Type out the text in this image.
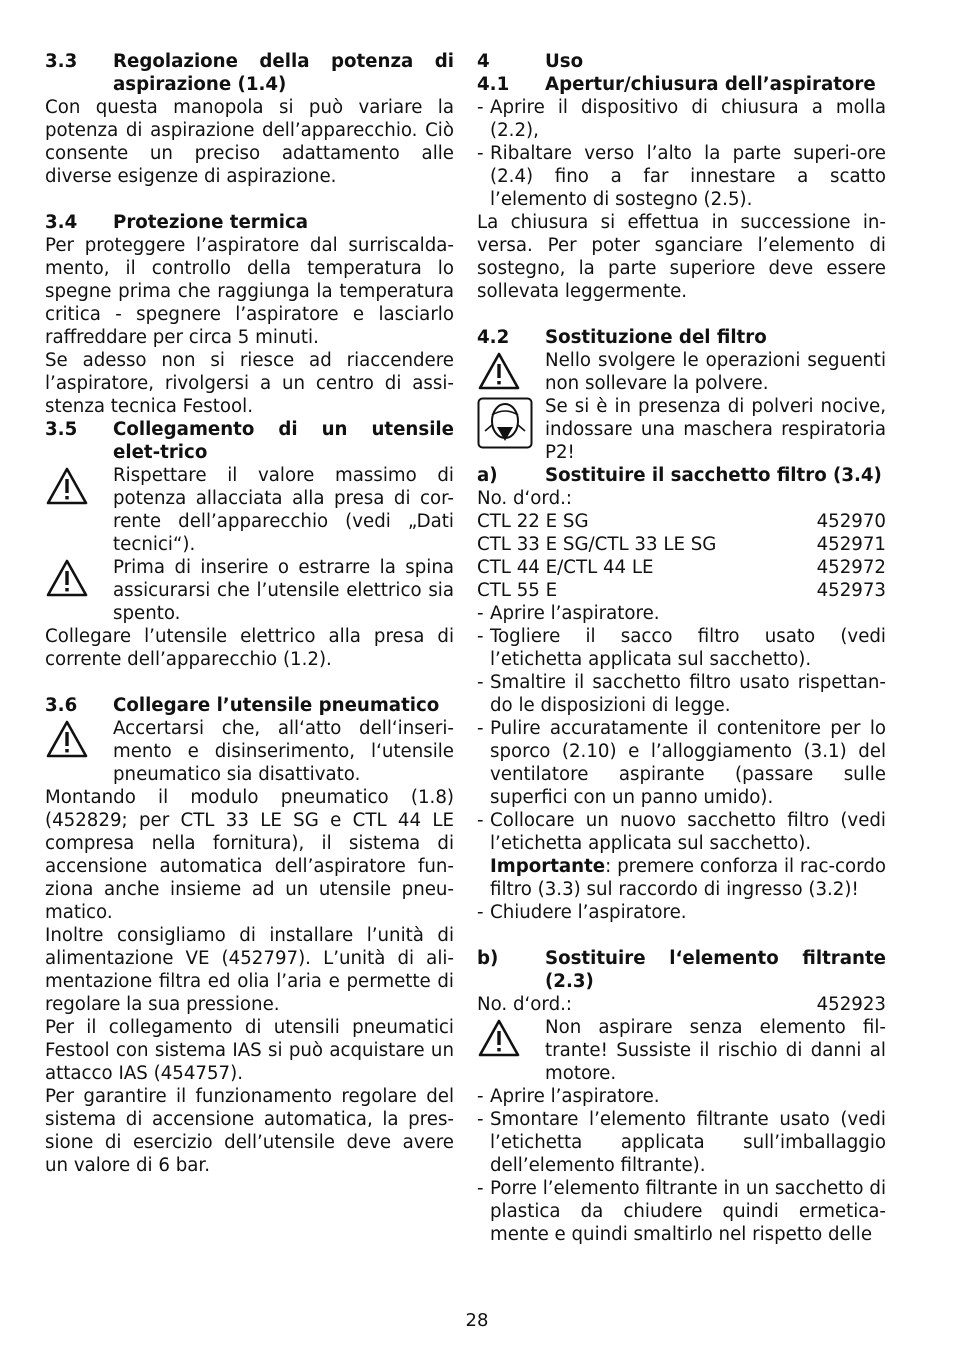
3.3	Regolazione della potenza di aspirazione (1.4)

Con questa manopola si può variare la potenza di aspirazione dell’apparecchio. Ciò consente un preciso adattamento alle diverse esigenze di aspirazione.

3.4	Protezione termica

Per proteggere l’aspiratore dal surriscalda-mento, il controllo della temperatura lo spegne prima che raggiunga la temperatura critica - spegnere l’aspiratore e lasciarlo raffreddare per circa 5 minuti.

Se adesso non si riesce ad riaccendere l’aspiratore, rivolgersi a un centro di assi-stenza tecnica Festool.

3.5	Collegamento di un utensile elet-trico

Rispettare il valore massimo di potenza allacciata alla presa di cor-rente dell’apparecchio (vedi „Dati tecnici“).

Prima di inserire o estrarre la spina assicurarsi che l’utensile elettrico sia spento.

Collegare l’utensile elettrico alla presa di corrente dell’apparecchio (1.2).

3.6	Collegare l’utensile pneumatico

Accertarsi che, all‘atto dell‘inseri-mento e disinserimento, l‘utensile pneumatico sia disattivato.

Montando il modulo pneumatico (1.8) (452829; per CTL 33 LE SG e CTL 44 LE compresa nella fornitura), il sistema di accensione automatica dell’aspiratore fun-ziona anche insieme ad un utensile pneu-matico.

Inoltre consigliamo di installare l’unità di alimentazione VE (452797). L’unità di ali-mentazione filtra ed olia l’aria e permette di regolare la sua pressione.

Per il collegamento di utensili pneumatici Festool con sistema IAS si può acquistare un attacco IAS (454757).

Per garantire il funzionamento regolare del sistema di accensione automatica, la pres-sione di esercizio dell’utensile deve avere un valore di 6 bar.

4	Uso
4.1	Apertur/chiusura dell’aspiratore
- Aprire il dispositivo di chiusura a molla (2.2),
- Ribaltare verso l’alto la parte superi-ore (2.4) fino a far innestare a scatto l’elemento di sostegno (2.5).

La chiusura si effettua in successione in-versa. Per poter sganciare l’elemento di sostegno, la parte superiore deve essere sollevata leggermente.

4.2	Sostituzione del filtro

Nello svolgere le operazioni seguenti non sollevare la polvere.

Se si è in presenza di polveri nocive, indossare una maschera respiratoria P2!

a)	Sostituire il sacchetto filtro (3.4)

No. d‘ord.:

CTL 22 E SG	452970
CTL 33 E SG/CTL 33 LE SG	452971
CTL 44 E/CTL 44 LE	452972
CTL 55 E	452973
- Aprire l’aspiratore.
- Togliere il sacco filtro usato (vedi l’etichetta applicata sul sacchetto).
- Smaltire il sacchetto filtro usato rispettan-do le disposizioni di legge.
- Pulire accuratamente il contenitore per lo sporco (2.10) e l’alloggiamento (3.1) del ventilatore aspirante (passare sulle superfici con un panno umido).
- Collocare un nuovo sacchetto filtro (vedi l’etichetta applicata sul sacchetto).
Importante: premere conforza il rac-cordo filtro (3.3) sul raccordo di ingresso (3.2)!
- Chiudere l’aspiratore.
b)	Sostituire l‘elemento filtrante (2.3)
No. d‘ord.:	452923

Non aspirare senza elemento fil-trante! Sussiste il rischio di danni al motore.

- Aprire l’aspiratore.
- Smontare l’elemento filtrante usato (vedi l’etichetta applicata sull’imballaggio dell’elemento filtrante).
- Porre l’elemento filtrante in un sacchetto di plastica da chiudere quindi ermetica-mente e quindi smaltirlo nel rispetto delle
28
